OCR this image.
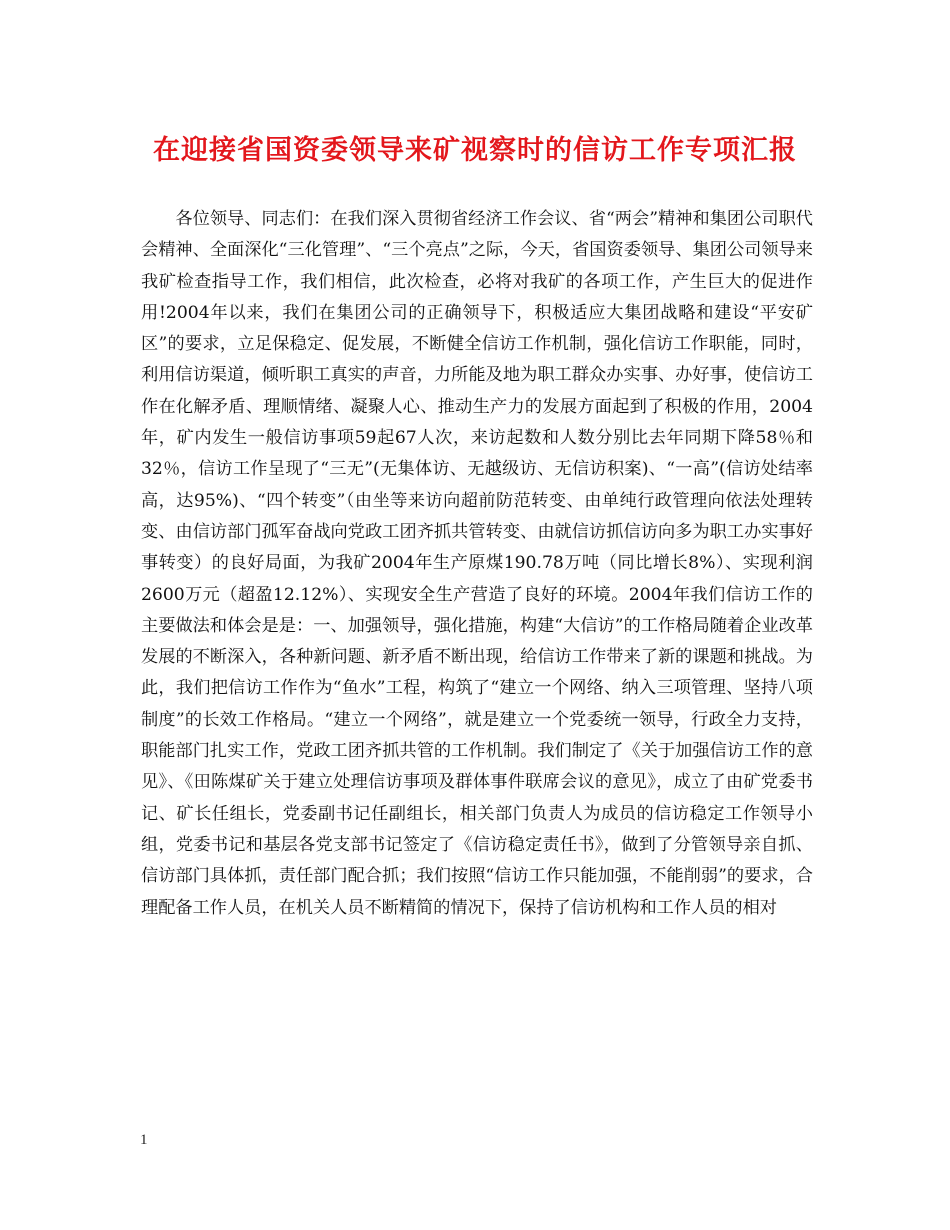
在迎接省国资委领导来矿视察时的信访工作专项汇报

各位领导、同志们：在我们深入贯彻省经济工作会议、省“两会”精神和集团公司职代会精神、全面深化“三化管理”、“三个亮点”之际，今天，省国资委领导、集团公司领导来我矿检查指导工作，我们相信，此次检查，必将对我矿的各项工作，产生巨大的促进作用!2004年以来，我们在集团公司的正确领导下，积极适应大集团战略和建设“平安矿区”的要求，立足保稳定、促发展，不断健全信访工作机制，强化信访工作职能，同时，利用信访渠道，倾听职工真实的声音，力所能及地为职工群众办实事、办好事，使信访工作在化解矛盾、理顺情绪、凝聚人心、推动生产力的发展方面起到了积极的作用，2004年，矿内发生一般信访事项59起67人次，来访起数和人数分别比去年同期下降58％和32％，信访工作呈现了“三无”(无集体访、无越级访、无信访积案)、“一高”(信访处结率高，达95%)、“四个转变”（由坐等来访向超前防范转变、由单纯行政管理向依法处理转变、由信访部门孤军奋战向党政工团齐抓共管转变、由就信访抓信访向多为职工办实事好事转变）的良好局面，为我矿2004年生产原煤190.78万吨（同比增长8%）、实现利润2600万元（超盈12.12%）、实现安全生产营造了良好的环境。2004年我们信访工作的主要做法和体会是是：一、加强领导，强化措施，构建“大信访”的工作格局随着企业改革发展的不断深入，各种新问题、新矛盾不断出现，给信访工作带来了新的课题和挑战。为此，我们把信访工作作为“鱼水”工程，构筑了“建立一个网络、纳入三项管理、坚持八项制度”的长效工作格局。“建立一个网络”，就是建立一个党委统一领导，行政全力支持，职能部门扎实工作，党政工团齐抓共管的工作机制。我们制定了《关于加强信访工作的意见》、《田陈煤矿关于建立处理信访事项及群体事件联席会议的意见》，成立了由矿党委书记、矿长任组长，党委副书记任副组长，相关部门负责人为成员的信访稳定工作领导小组，党委书记和基层各党支部书记签定了《信访稳定责任书》，做到了分管领导亲自抓、信访部门具体抓，责任部门配合抓；我们按照“信访工作只能加强，不能削弱”的要求，合理配备工作人员，在机关人员不断精简的情况下，保持了信访机构和工作人员的相对

1
